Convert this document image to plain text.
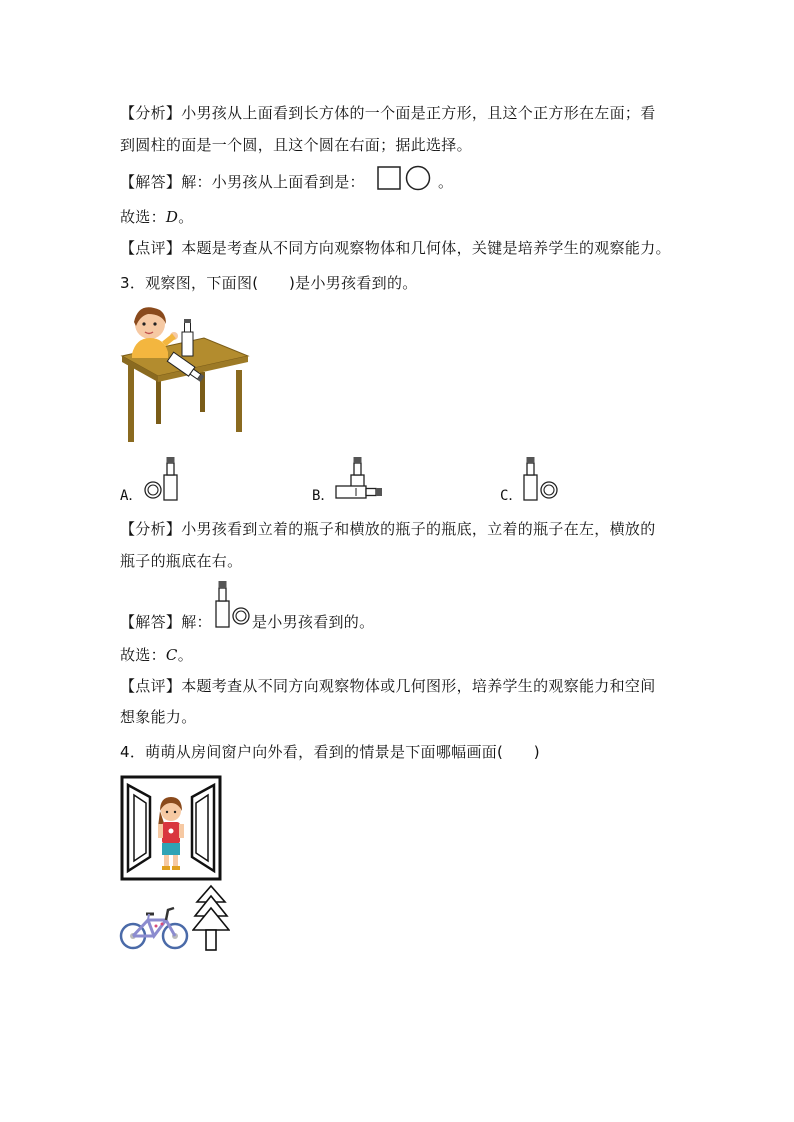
【分析】小男孩从上面看到长方体的一个面是正方形，且这个正方形在左面；看
到圆柱的面是一个圆，且这个圆在右面；据此选择。
【解答】解：小男孩从上面看到是：	。
故选：D。
【点评】本题是考查从不同方向观察物体和几何体，关键是培养学生的观察能力。
3．观察图，下面图(　　)是小男孩看到的。
A．	B．	C．
【分析】小男孩看到立着的瓶子和横放的瓶子的瓶底，立着的瓶子在左，横放的
瓶子的瓶底在右。
【解答】解：	是小男孩看到的。
故选：C。
【点评】本题考查从不同方向观察物体或几何图形，培养学生的观察能力和空间
想象能力。
4．萌萌从房间窗户向外看，看到的情景是下面哪幅画面(　　)
